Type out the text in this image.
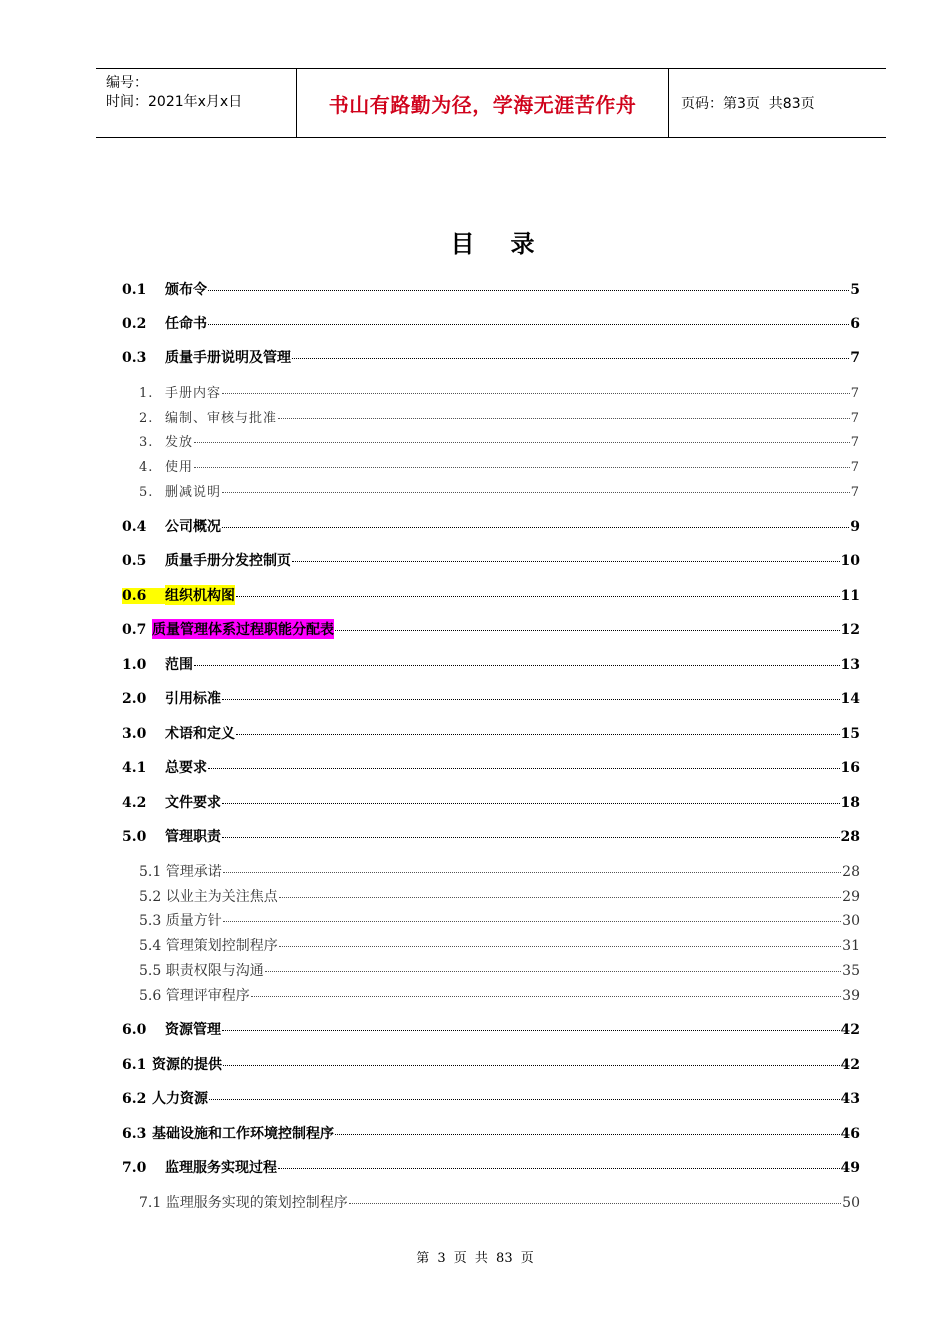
编号：
时间：2021年x月x日	书山有路勤为径，学海无涯苦作舟	页码：第3页  共83页
目 录
0.1	颁布令	5
0.2	任命书	6
0.3	质量手册说明及管理	7
1. 手册内容	7
2. 编制、审核与批准	7
3. 发放	7
4. 使用	7
5. 删减说明	7
0.4	公司概况	9
0.5	质量手册分发控制页	10
0.6	组织机构图	11
0.7 质量管理体系过程职能分配表	12
1.0	范围	13
2.0	引用标准	14
3.0	术语和定义	15
4.1	总要求	16
4.2	文件要求	18
5.0	管理职责	28
5.1 管理承诺	28
5.2 以业主为关注焦点	29
5.3 质量方针	30
5.4 管理策划控制程序	31
5.5 职责权限与沟通	35
5.6 管理评审程序	39
6.0	资源管理	42
6.1 资源的提供	42
6.2 人力资源	43
6.3 基础设施和工作环境控制程序	46
7.0	监理服务实现过程	49
7.1 监理服务实现的策划控制程序	50
第 3 页 共 83 页
